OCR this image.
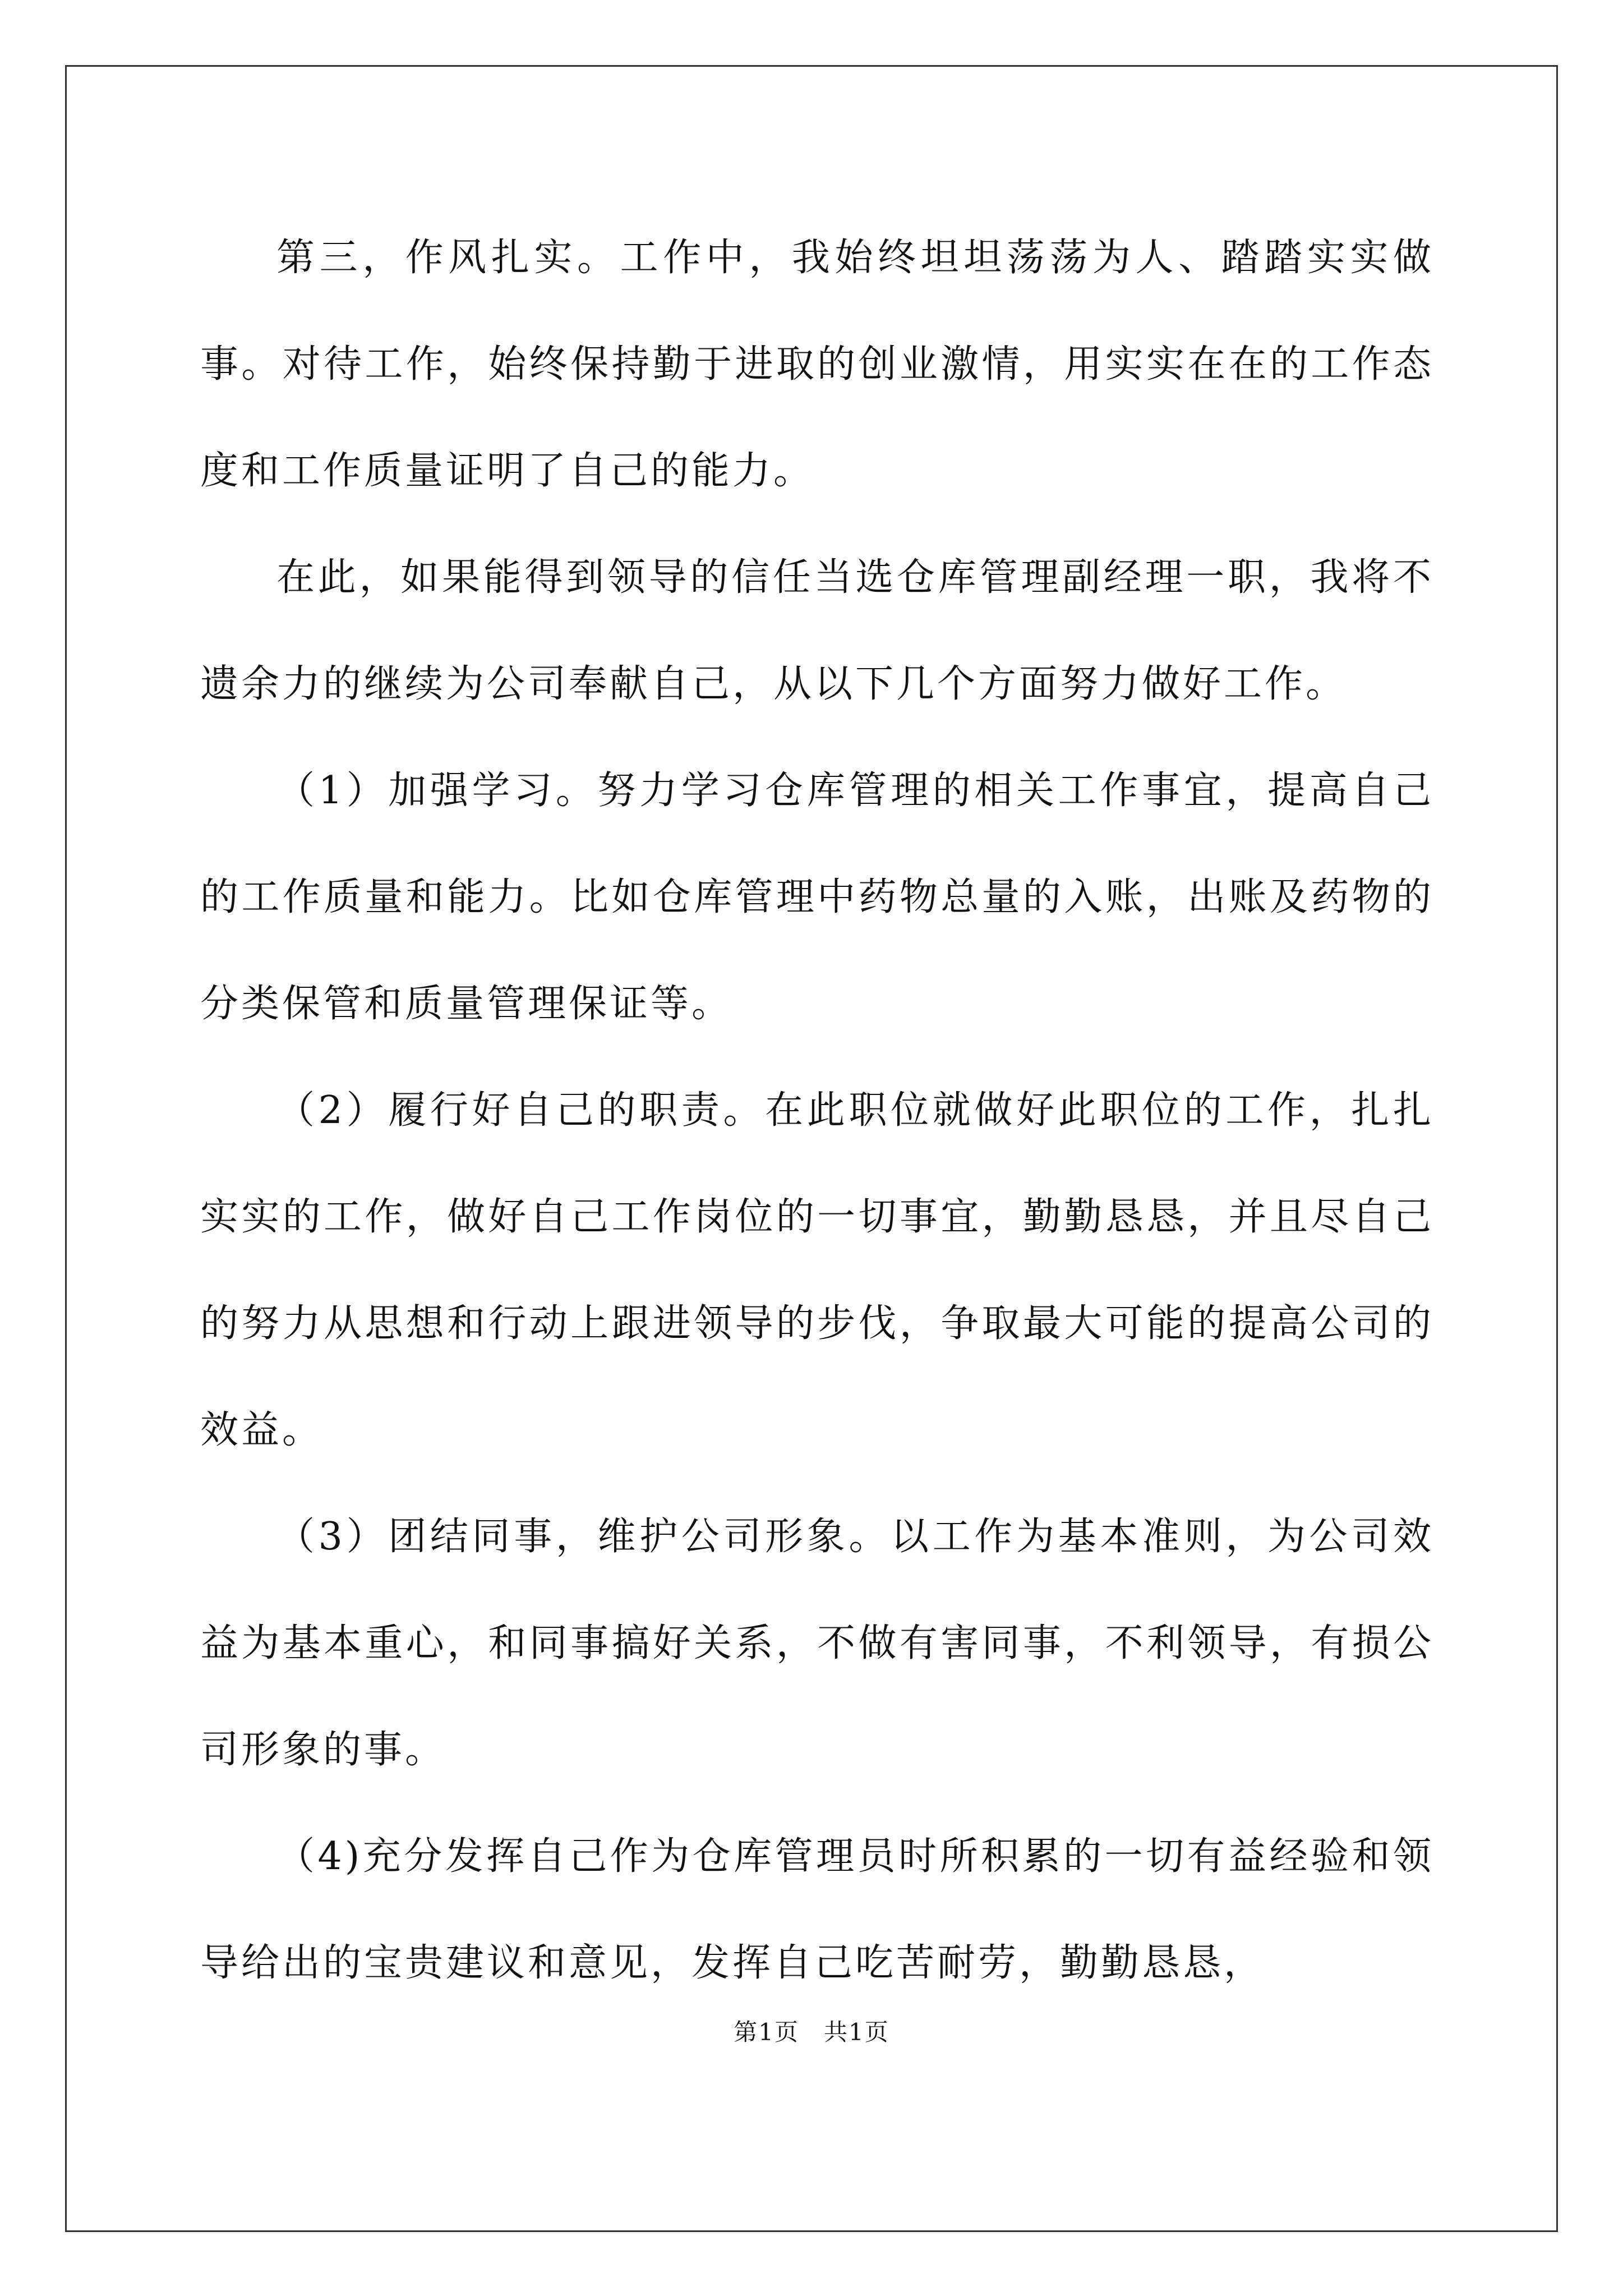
第三，作风扎实。工作中，我始终坦坦荡荡为人、踏踏实实做事。对待工作，始终保持勤于进取的创业激情，用实实在在的工作态度和工作质量证明了自己的能力。

在此，如果能得到领导的信任当选仓库管理副经理一职，我将不遗余力的继续为公司奉献自己，从以下几个方面努力做好工作。

（1）加强学习。努力学习仓库管理的相关工作事宜，提高自己的工作质量和能力。比如仓库管理中药物总量的入账，出账及药物的分类保管和质量管理保证等。

（2）履行好自己的职责。在此职位就做好此职位的工作，扎扎实实的工作，做好自己工作岗位的一切事宜，勤勤恳恳，并且尽自己的努力从思想和行动上跟进领导的步伐，争取最大可能的提高公司的效益。

（3）团结同事，维护公司形象。以工作为基本准则，为公司效益为基本重心，和同事搞好关系，不做有害同事，不利领导，有损公司形象的事。

（4)充分发挥自己作为仓库管理员时所积累的一切有益经验和领导给出的宝贵建议和意见，发挥自己吃苦耐劳，勤勤恳恳，

第1页　共1页
